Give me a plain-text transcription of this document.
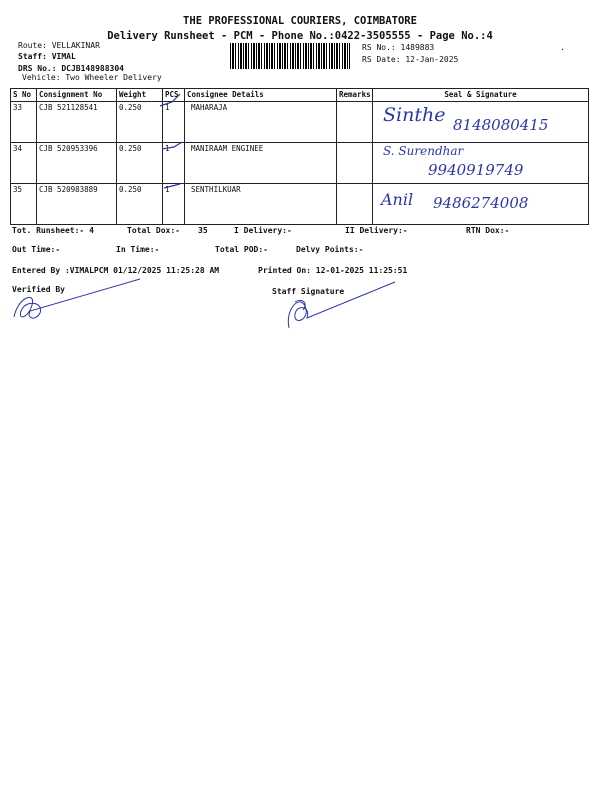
THE PROFESSIONAL COURIERS, COIMBATORE
Delivery Runsheet - PCM - Phone No.:0422-3505555 - Page No.:4
·
Route: VELLAKINAR
Staff: VIMAL
DRS No.: DCJB148988304
Vehicle: Two Wheeler Delivery
RS No.: 1489883
RS Date: 12-Jan-2025
S No	Consignment No	Weight	PCS	Consignee Details	Remarks	Seal & Signature
33	CJB 521128541	0.250	1	MAHARAJA		Sinthe 8148080415

34	CJB 520953396	0.250	1	MANIRAAM ENGINEE		S. Surendhar
9940919749

35	CJB 520983889	0.250	1	SENTHILKUAR		Anil 9486274008
Tot. Runsheet:- 4	Total Dox:- 35	I Delivery:-	II Delivery:-	RTN Dox:-
Out Time:-	In Time:-	Total POD:-	Delvy Points:-
Entered By :VIMALPCM 01/12/2025 11:25:28 AM	Printed On: 12-01-2025 11:25:51
Verified By	Staff Signature
